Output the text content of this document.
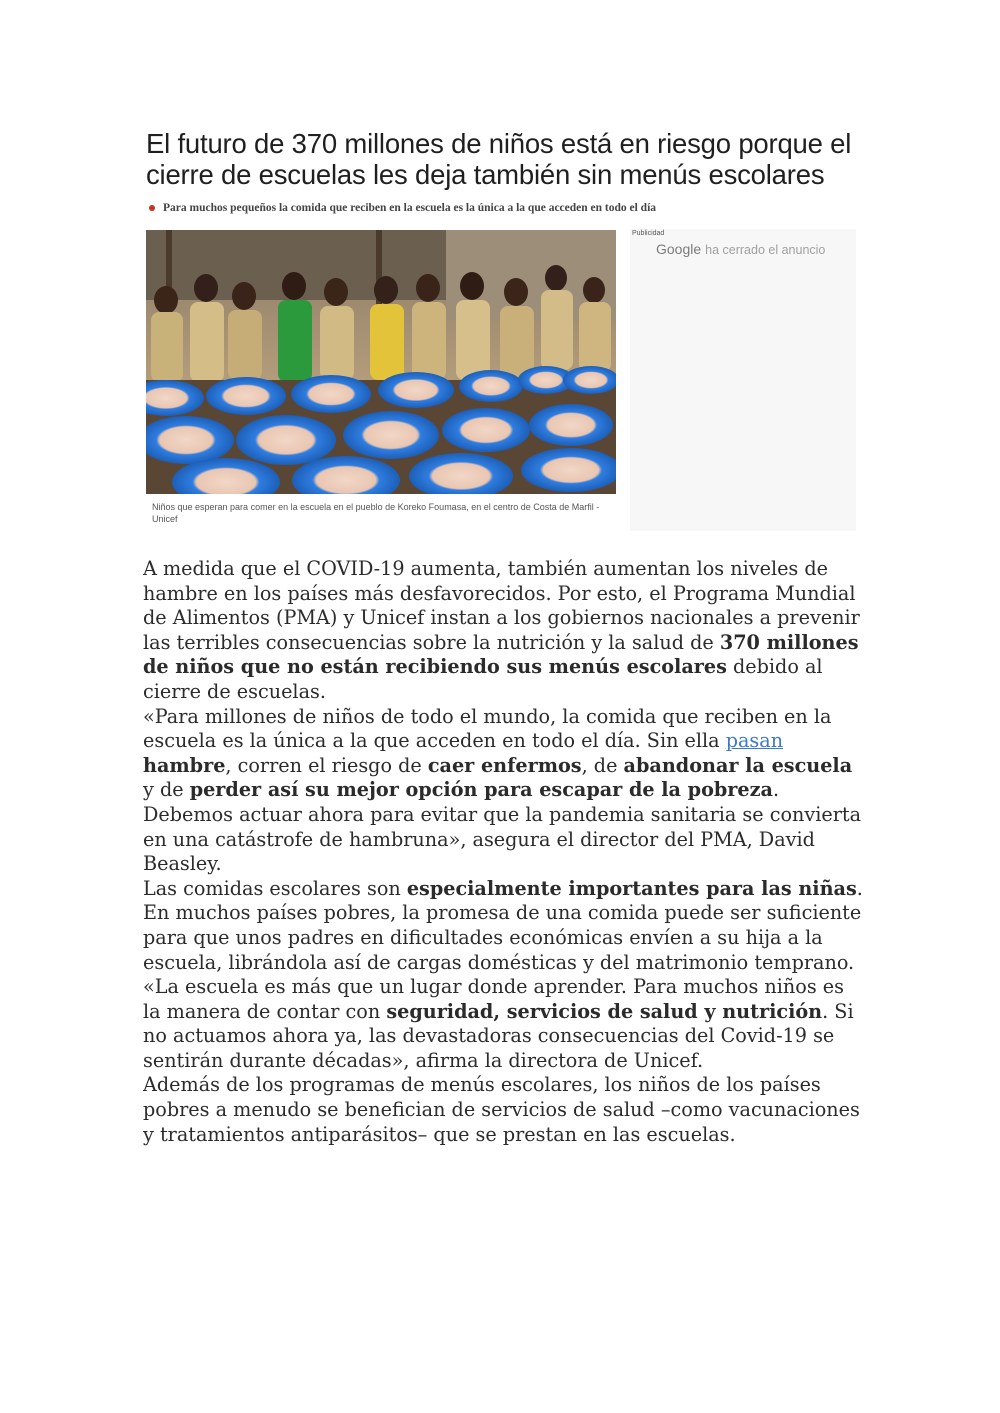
El futuro de 370 millones de niños está en riesgo porque el
cierre de escuelas les deja también sin menús escolares
Para muchos pequeños la comida que reciben en la escuela es la única a la que acceden en todo el día
Niños que esperan para comer en la escuela en el pueblo de Koreko Foumasa, en el centro de Costa de Marfil - Unicef
Publicidad
Google ha cerrado el anuncio

A medida que el COVID-19 aumenta, también aumentan los niveles de hambre en los países más desfavorecidos. Por esto, el Programa Mundial de Alimentos (PMA) y Unicef instan a los gobiernos nacionales a prevenir las terribles consecuencias sobre la nutrición y la salud de 370 millones de niños que no están recibiendo sus menús escolares debido al cierre de escuelas.

«Para millones de niños de todo el mundo, la comida que reciben en la escuela es la única a la que acceden en todo el día. Sin ella pasan hambre, corren el riesgo de caer enfermos, de abandonar la escuela y de perder así su mejor opción para escapar de la pobreza. Debemos actuar ahora para evitar que la pandemia sanitaria se convierta en una catástrofe de hambruna», asegura el director del PMA, David Beasley.

Las comidas escolares son especialmente importantes para las niñas. En muchos países pobres, la promesa de una comida puede ser suficiente para que unos padres en dificultades económicas envíen a su hija a la escuela, librándola así de cargas domésticas y del matrimonio temprano.

«La escuela es más que un lugar donde aprender. Para muchos niños es la manera de contar con seguridad, servicios de salud y nutrición. Si no actuamos ahora ya, las devastadoras consecuencias del Covid-19 se sentirán durante décadas», afirma la directora de Unicef.

Además de los programas de menús escolares, los niños de los países pobres a menudo se benefician de servicios de salud –como vacunaciones y tratamientos antiparásitos– que se prestan en las escuelas.
